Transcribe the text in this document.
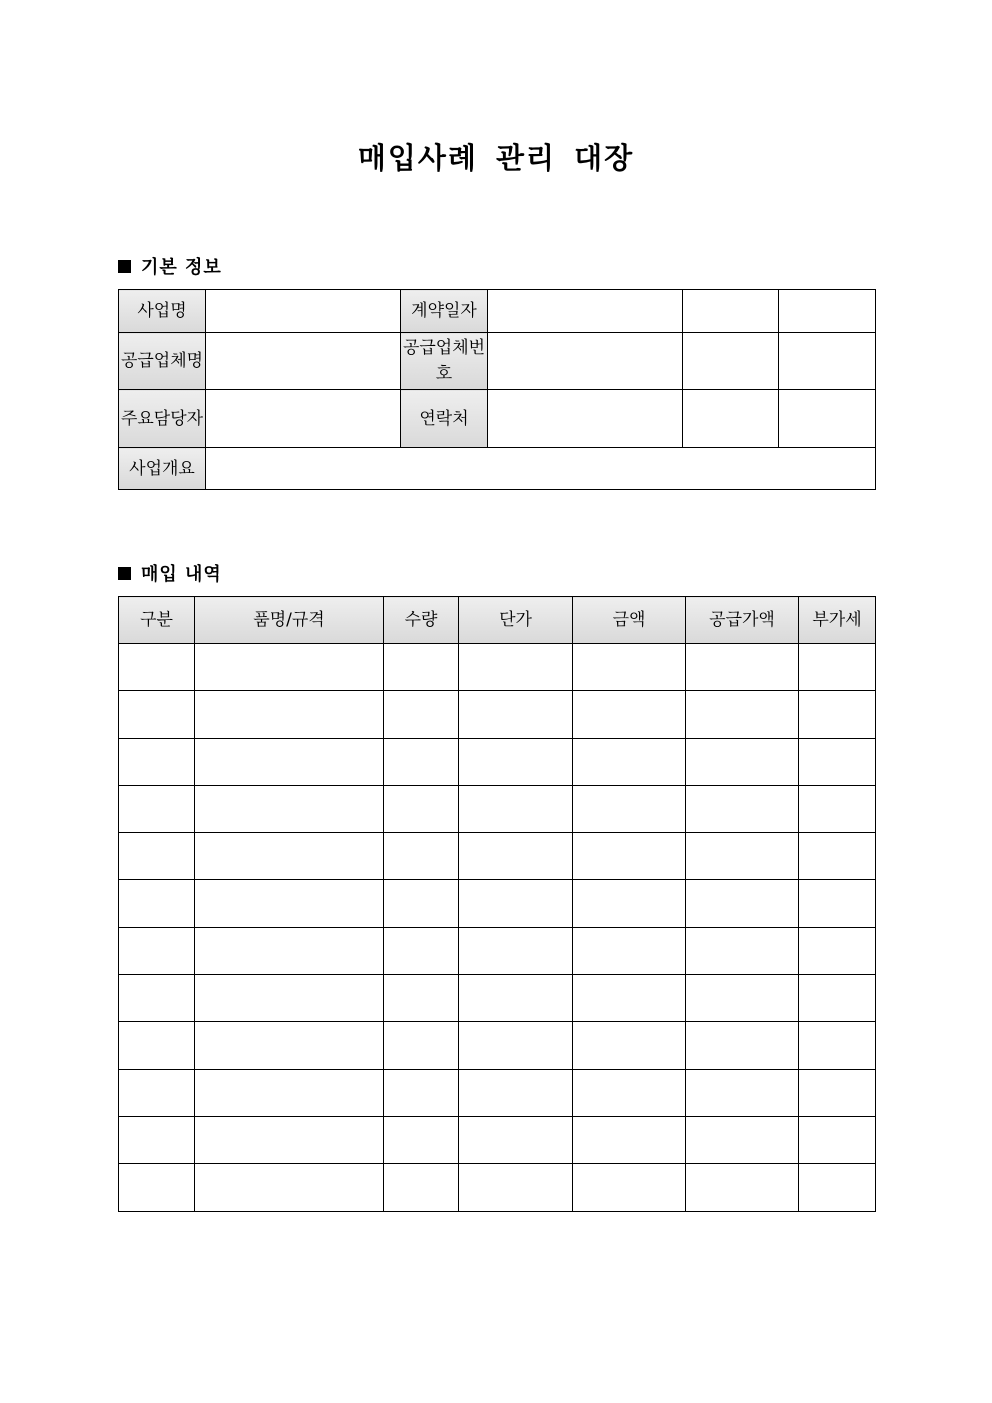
매입사례 관리 대장
기본 정보
사업명		계약일자			
공급업체명		공급업체번호			
주요담당자		연락처			
사업개요					
매입 내역
구분	품명/규격	수량	단가	금액	공급가액	부가세
